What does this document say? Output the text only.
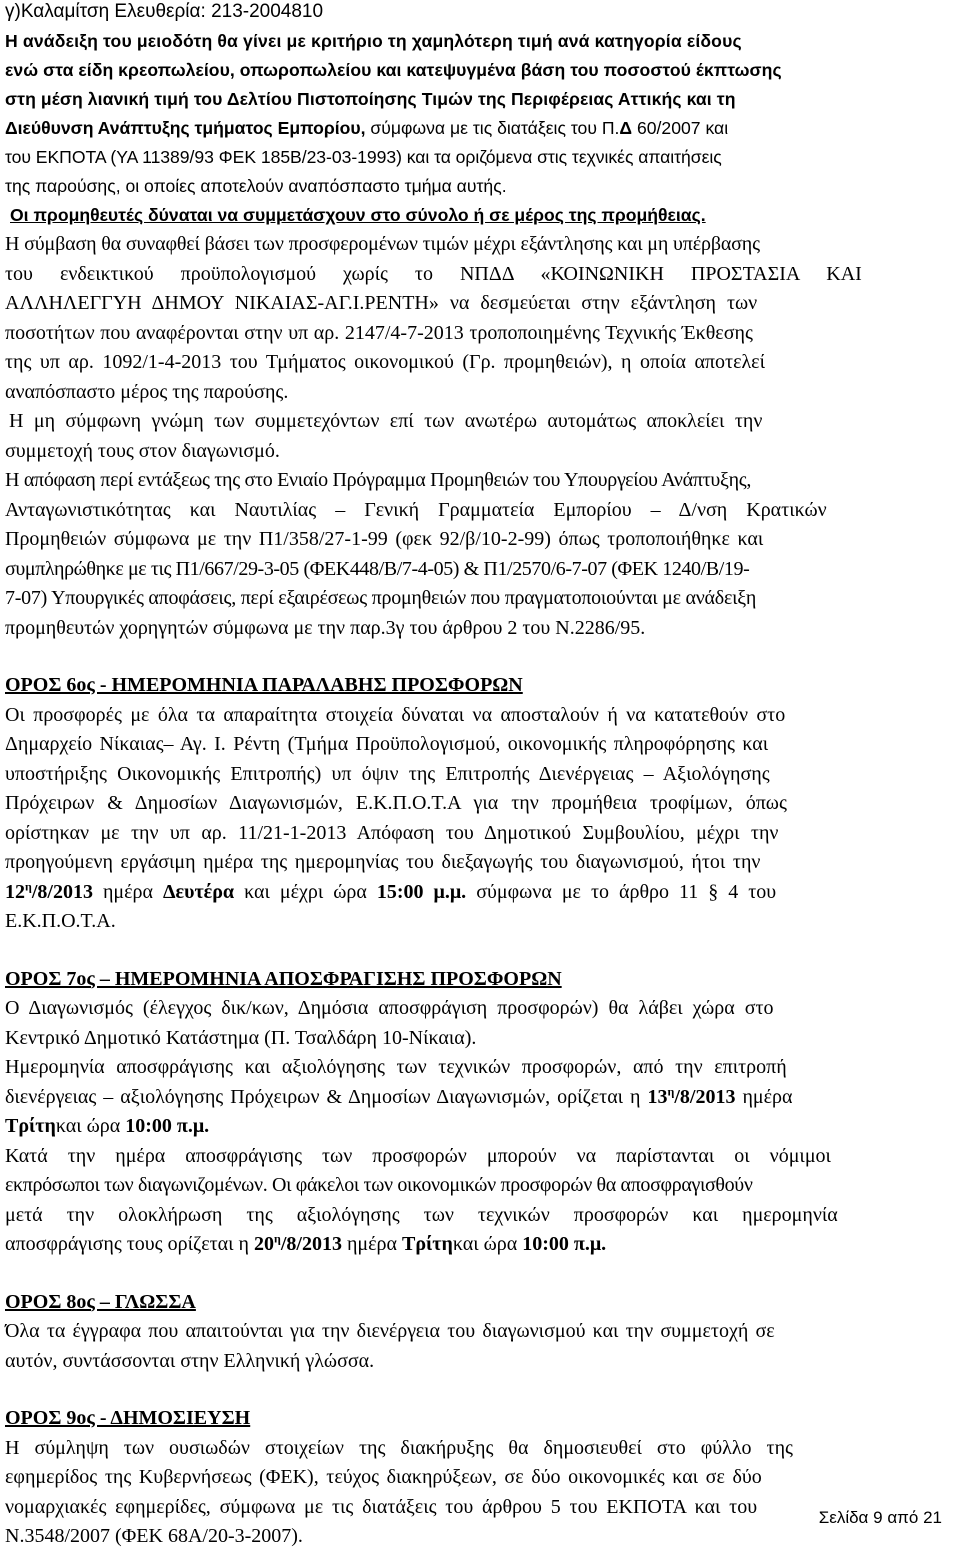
γ)Καλαμίτση Ελευθερία: 213-2004810
Η ανάδειξη του μειοδότη θα γίνει με κριτήριο τη χαμηλότερη τιμή ανά κατηγορία είδους
ενώ στα είδη κρεοπωλείου, οπωροπωλείου και κατεψυγμένα βάση του ποσοστού έκπτωσης
στη μέση λιανική τιμή του Δελτίου Πιστοποίησης Τιμών της Περιφέρειας Αττικής και τη
Διεύθυνση Ανάπτυξης τμήματος Εμπορίου, σύμφωνα με τις διατάξεις του Π.Δ 60/2007 και
του ΕΚΠΟΤΑ (ΥΑ 11389/93 ΦΕΚ 185Β/23-03-1993) και τα οριζόμενα στις τεχνικές απαιτήσεις
της παρούσης, οι οποίες αποτελούν αναπόσπαστο τμήμα αυτής.
Οι προμηθευτές δύναται να συμμετάσχουν στο σύνολο ή σε μέρος της προμήθειας.
Η σύμβαση θα συναφθεί βάσει των προσφερομένων τιμών μέχρι εξάντλησης και μη υπέρβασης
του ενδεικτικού προϋπολογισμού χωρίς το ΝΠΔΔ «ΚΟΙΝΩΝΙΚΗ ΠΡΟΣΤΑΣΙΑ ΚΑΙ
ΑΛΛΗΛΕΓΓΥΗ ΔΗΜΟΥ ΝΙΚΑΙΑΣ-ΑΓ.Ι.ΡΕΝΤΗ» να δεσμεύεται στην εξάντληση των
ποσοτήτων που αναφέρονται στην υπ αρ. 2147/4-7-2013 τροποποιημένης Τεχνικής Έκθεσης
της υπ αρ. 1092/1-4-2013 του Τμήματος οικονομικού (Γρ. προμηθειών), η οποία αποτελεί
αναπόσπαστο μέρος της παρούσης.
Η μη σύμφωνη γνώμη των συμμετεχόντων επί των ανωτέρω αυτομάτως αποκλείει την
συμμετοχή τους στον διαγωνισμό.
Η απόφαση περί εντάξεως της στο Ενιαίο Πρόγραμμα Προμηθειών του Υπουργείου Ανάπτυξης,
Ανταγωνιστικότητας και Ναυτιλίας – Γενική Γραμματεία Εμπορίου – Δ/νση Κρατικών
Προμηθειών σύμφωνα με την Π1/358/27-1-99 (φεκ 92/β/10-2-99) όπως τροποποιήθηκε και
συμπληρώθηκε με τις Π1/667/29-3-05 (ΦΕΚ448/Β/7-4-05) & Π1/2570/6-7-07 (ΦΕΚ 1240/Β/19-
7-07) Υπουργικές αποφάσεις, περί εξαιρέσεως προμηθειών που πραγματοποιούνται με ανάδειξη
προμηθευτών χορηγητών σύμφωνα με την παρ.3γ του άρθρου 2 του Ν.2286/95.
ΟΡΟΣ 6ος - ΗΜΕΡΟΜΗΝΙΑ ΠΑΡΑΛΑΒΗΣ ΠΡΟΣΦΟΡΩΝ
Οι προσφορές με όλα τα απαραίτητα στοιχεία δύναται να αποσταλούν ή να κατατεθούν στο
Δημαρχείο Νίκαιας– Αγ. Ι. Ρέντη (Τμήμα Προϋπολογισμού, οικονομικής πληροφόρησης και
υποστήριξης Οικονομικής Επιτροπής) υπ όψιν της Επιτροπής Διενέργειας – Αξιολόγησης
Πρόχειρων & Δημοσίων Διαγωνισμών, Ε.Κ.Π.Ο.Τ.Α για την προμήθεια τροφίμων, όπως
ορίστηκαν με την υπ αρ. 11/21-1-2013 Απόφαση του Δημοτικού Συμβουλίου, μέχρι την
προηγούμενη εργάσιμη ημέρα της ημερομηνίας του διεξαγωγής του διαγωνισμού, ήτοι την
$12^\eta/8/2013$ ημέρα Δευτέρα και μέχρι ώρα 15:00 μ.μ. σύμφωνα με το άρθρο 11 § 4 του
Ε.Κ.Π.Ο.Τ.Α.
ΟΡΟΣ 7ος – ΗΜΕΡΟΜΗΝΙΑ ΑΠΟΣΦΡΑΓΙΣΗΣ ΠΡΟΣΦΟΡΩΝ
Ο Διαγωνισμός (έλεγχος δικ/κων, Δημόσια αποσφράγιση προσφορών) θα λάβει χώρα στο
Κεντρικό Δημοτικό Κατάστημα (Π. Τσαλδάρη 10-Νίκαια).
Ημερομηνία αποσφράγισης και αξιολόγησης των τεχνικών προσφορών, από την επιτροπή
διενέργειας – αξιολόγησης Πρόχειρων & Δημοσίων Διαγωνισμών, ορίζεται η $13^\eta/8/2013$ ημέρα
Τρίτηκαι ώρα 10:00 π.μ.
Κατά την ημέρα αποσφράγισης των προσφορών μπορούν να παρίστανται οι νόμιμοι
εκπρόσωποι των διαγωνιζομένων. Οι φάκελοι των οικονομικών προσφορών θα αποσφραγισθούν
μετά την ολοκλήρωση της αξιολόγησης των τεχνικών προσφορών και ημερομηνία
αποσφράγισης τους ορίζεται η $20^\eta/8/2013$ ημέρα Τρίτηκαι ώρα 10:00 π.μ.
ΟΡΟΣ 8ος – ΓΛΩΣΣΑ
Όλα τα έγγραφα που απαιτούνται για την διενέργεια του διαγωνισμού και την συμμετοχή σε
αυτόν, συντάσσονται στην Ελληνική γλώσσα.
ΟΡΟΣ 9ος - ΔΗΜΟΣΙΕΥΣΗ
Η σύμληψη των ουσιωδών στοιχείων της διακήρυξης θα δημοσιευθεί στο φύλλο της
εφημερίδος της Κυβερνήσεως (ΦΕΚ), τεύχος διακηρύξεων, σε δύο οικονομικές και σε δύο
νομαρχιακές εφημερίδες, σύμφωνα με τις διατάξεις του άρθρου 5 του ΕΚΠΟΤΑ και του
Ν.3548/2007 (ΦΕΚ 68Α/20-3-2007).
Σελίδα 9 από 21
